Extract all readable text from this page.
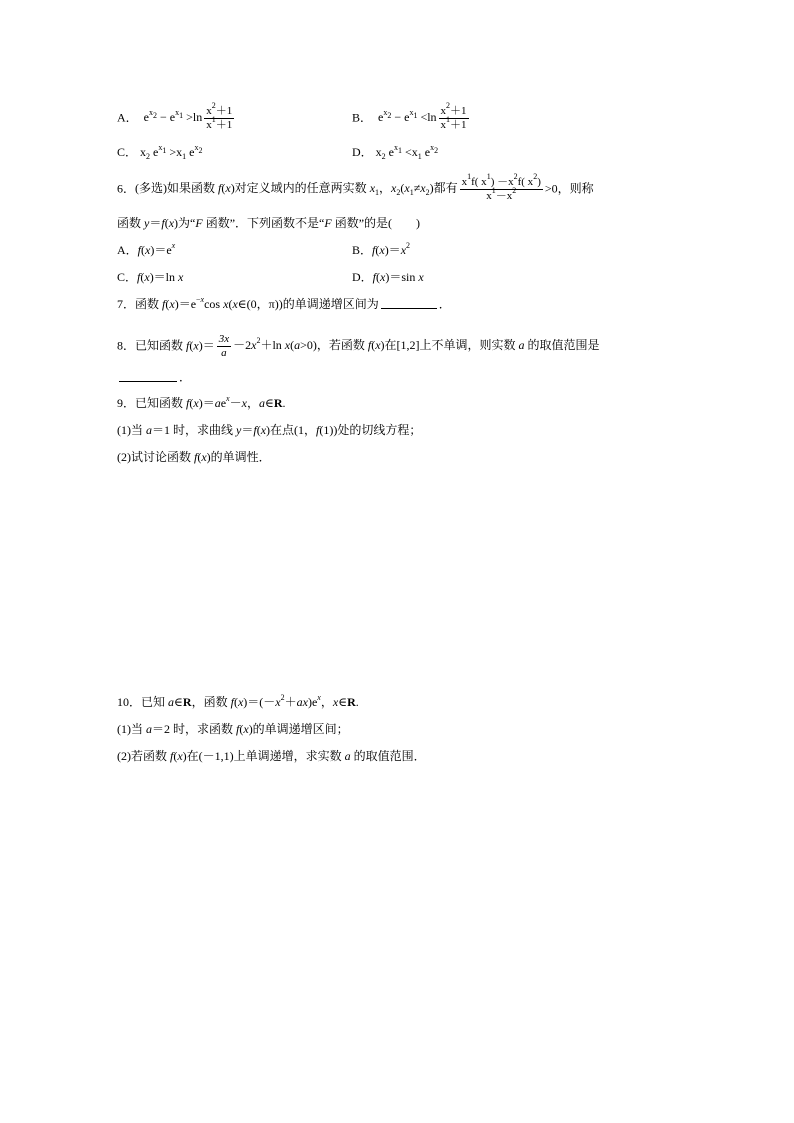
A．  $e^{x_2} - e^{x_1} >\ln \frac{x^2+1}{x^1+1}$	B．  $e^{x_2} - e^{x_1} <\ln \frac{x^2+1}{x^1+1}$
C． $x_2$ $e^{x_1} >x_1$ $e^{x_2}$	D． $x_2$ $e^{x_1} <x_1$ $e^{x_2}$
6．(多选)如果函数 f(x)对定义域内的任意两实数 $x_1$，$x_2(x_1\ne x_2)$都有 $\frac{x^1f( x^1) -x^2f( x^2)}{x^1-x^2} >0$，则称
函数 y＝f(x)为“F 函数”．下列函数不是“F 函数”的是(　　)
A．$f(x)=e^x$	B．$f(x)=x^2$
C．f(x)＝ln x	D．f(x)＝sin x
7．函数 $f(x)=e^{-x}\cos$ x(x∈(0，π))的单调递增区间为	．
8．已知函数 $f(x)= \frac{3x}{a} -2x^2+\ln$ x(a>0)，若函数 f(x)在[1,2]上不单调，则实数 a 的取值范围是
．
9．已知函数 $f(x)=ae^x-x$，a∈R.
(1)当 a＝1 时，求曲线 y＝f(x)在点(1，f(1))处的切线方程；
(2)试讨论函数 f(x)的单调性．
10．已知 a∈R，函数 $f(x)=(-x^2+ax)e^x$，x∈R.
(1)当 a＝2 时，求函数 f(x)的单调递增区间；
(2)若函数 f(x)在(－1,1)上单调递增，求实数 a 的取值范围．
